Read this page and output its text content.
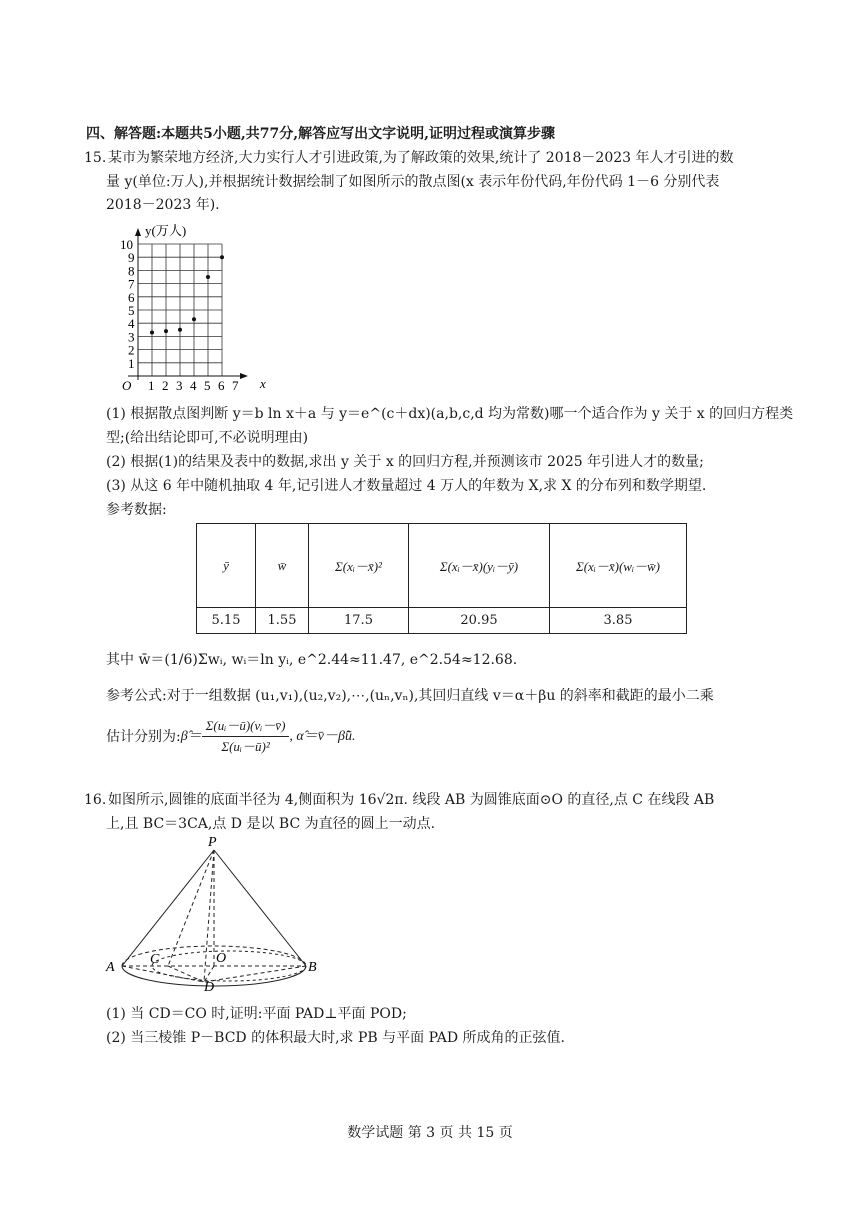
四、解答题:本题共5小题,共77分,解答应写出文字说明,证明过程或演算步骤
15. 某市为繁荣地方经济,大力实行人才引进政策,为了解政策的效果,统计了 2018－2023 年人才引进的数
量 y(单位:万人),并根据统计数据绘制了如图所示的散点图(x 表示年份代码,年份代码 1－6 分别代表
2018－2023 年).
1 2 3 4 5 6 7
1
2
3
4
5
6
7
8
9
10
y(万人)
x
O
(1) 根据散点图判断 y＝b ln x＋a 与 y＝e^(c＋dx)(a,b,c,d 均为常数)哪一个适合作为 y 关于 x 的回归方程类
型;(给出结论即可,不必说明理由)
(2) 根据(1)的结果及表中的数据,求出 y 关于 x 的回归方程,并预测该市 2025 年引进人才的数量;
(3) 从这 6 年中随机抽取 4 年,记引进人才数量超过 4 万人的年数为 X,求 X 的分布列和数学期望.
参考数据:
ȳ	w̄	Σ(xᵢ－x̄)²	Σ(xᵢ－x̄)(yᵢ－ȳ)	Σ(xᵢ－x̄)(wᵢ－w̄)
5.15	1.55	17.5	20.95	3.85
其中 w̄＝(1/6)Σwᵢ, wᵢ＝ln yᵢ, e^2.44≈11.47, e^2.54≈12.68.
参考公式:对于一组数据 (u₁,v₁),(u₂,v₂),⋯,(uₙ,vₙ),其回归直线 v＝α＋βu 的斜率和截距的最小二乘
估计分别为: β̂＝ $\frac{\text{Σ(uᵢ－ū)(vᵢ－v̄)}}{\text{Σ(uᵢ－ū)²}}$ , α̂＝v̄－β̂ū.
16. 如图所示,圆锥的底面半径为 4,侧面积为 16√2π. 线段 AB 为圆锥底面⊙O 的直径,点 C 在线段 AB
上,且 BC＝3CA,点 D 是以 BC 为直径的圆上一动点.
P
A	B
C	O
D
(1) 当 CD＝CO 时,证明:平面 PAD⊥平面 POD;
(2) 当三棱锥 P－BCD 的体积最大时,求 PB 与平面 PAD 所成角的正弦值.
数学试题 第 3 页 共 15 页
